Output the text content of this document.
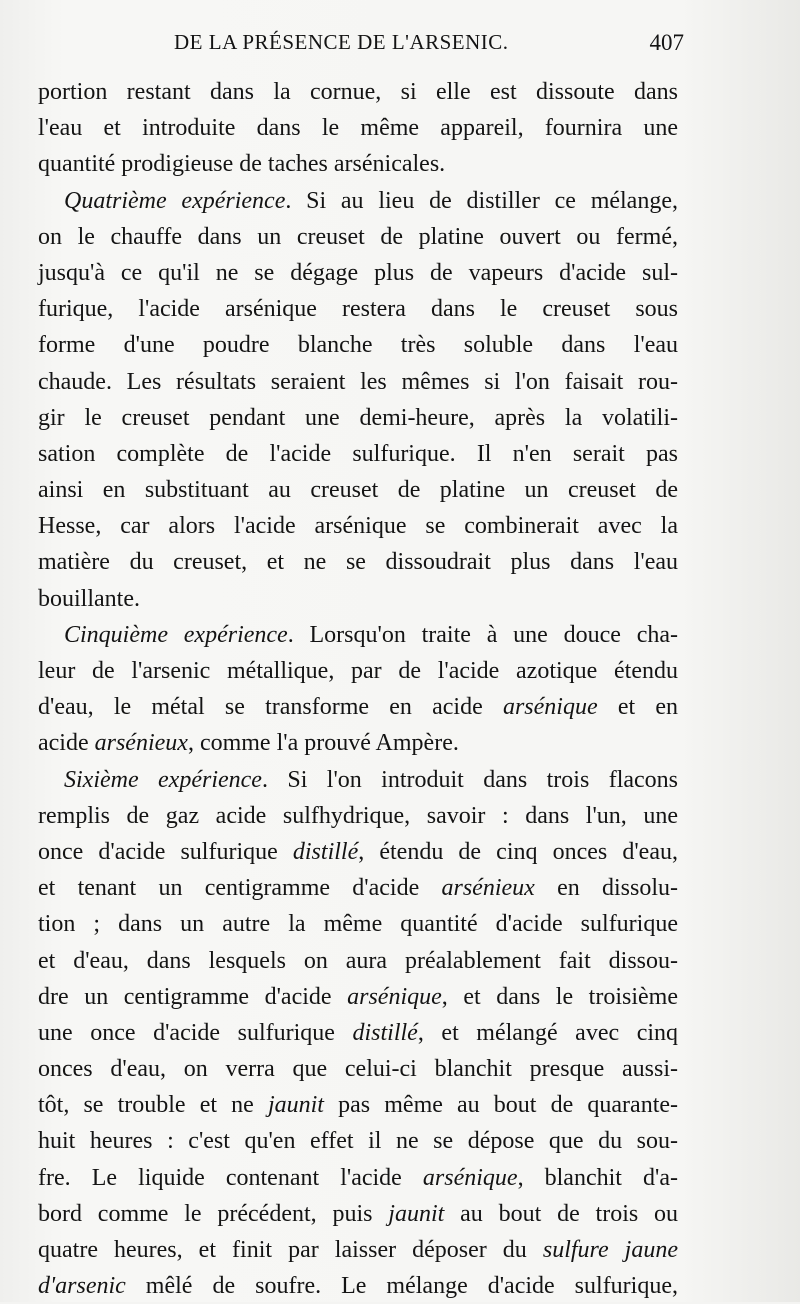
DE LA PRÉSENCE DE L'ARSENIC.	407
portion restant dans la cornue, si elle est dissoute dans
l'eau et introduite dans le même appareil, fournira une
quantité prodigieuse de taches arsénicales.
Quatrième expérience. Si au lieu de distiller ce mélange,
on le chauffe dans un creuset de platine ouvert ou fermé,
jusqu'à ce qu'il ne se dégage plus de vapeurs d'acide sul-
furique, l'acide arsénique restera dans le creuset sous
forme d'une poudre blanche très soluble dans l'eau
chaude. Les résultats seraient les mêmes si l'on faisait rou-
gir le creuset pendant une demi-heure, après la volatili-
sation complète de l'acide sulfurique. Il n'en serait pas
ainsi en substituant au creuset de platine un creuset de
Hesse, car alors l'acide arsénique se combinerait avec la
matière du creuset, et ne se dissoudrait plus dans l'eau
bouillante.
Cinquième expérience. Lorsqu'on traite à une douce cha-
leur de l'arsenic métallique, par de l'acide azotique étendu
d'eau, le métal se transforme en acide arsénique et en
acide arsénieux, comme l'a prouvé Ampère.
Sixième expérience. Si l'on introduit dans trois flacons
remplis de gaz acide sulfhydrique, savoir : dans l'un, une
once d'acide sulfurique distillé, étendu de cinq onces d'eau,
et tenant un centigramme d'acide arsénieux en dissolu-
tion ; dans un autre la même quantité d'acide sulfurique
et d'eau, dans lesquels on aura préalablement fait dissou-
dre un centigramme d'acide arsénique, et dans le troisième
une once d'acide sulfurique distillé, et mélangé avec cinq
onces d'eau, on verra que celui-ci blanchit presque aussi-
tôt, se trouble et ne jaunit pas même au bout de quarante-
huit heures : c'est qu'en effet il ne se dépose que du sou-
fre. Le liquide contenant l'acide arsénique, blanchit d'a-
bord comme le précédent, puis jaunit au bout de trois ou
quatre heures, et finit par laisser déposer du sulfure jaune
d'arsenic mêlé de soufre. Le mélange d'acide sulfurique,
